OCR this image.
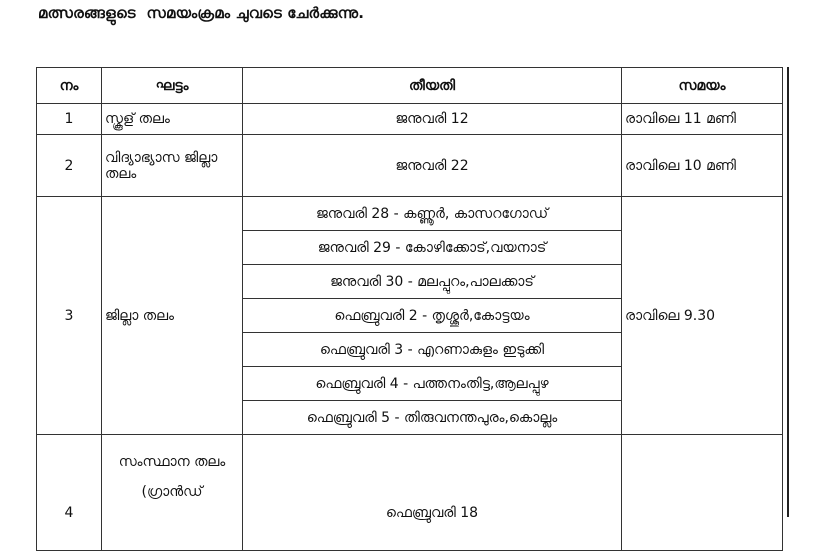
മത്സരങ്ങളുടെ  സമയംക്രമം ചുവടെ ചേർക്കുന്നു.
നം	ഘട്ടം	തീയതി	സമയം
1	സ്കൂള് തലം	ജനുവരി 12	രാവിലെ 11 മണി
2	വിദ്യാഭ്യാസ ജില്ലാ തലം	ജനുവരി 22	രാവിലെ 10 മണി
3	ജില്ലാ തലം	ജനുവരി 28 - കണ്ണൂർ, കാസറഗോഡ്	രാവിലെ 9.30
		ജനുവരി 29 - കോഴിക്കോട്,വയനാട്	
		ജനുവരി 30 - മലപ്പുറം,പാലക്കാട്	
		ഫെബ്രുവരി 2 - തൃശ്ശൂർ,കോട്ടയം	
		ഫെബ്രുവരി 3 - എറണാകുളം ഇടുക്കി	
		ഫെബ്രുവരി 4 - പത്തനംതിട്ട,ആലപ്പുഴ	
		ഫെബ്രുവരി 5 - തിരുവനന്തപുരം,കൊല്ലം	
4	സംസ്ഥാന തലം (ഗ്രാൻഡ്	ഫെബ്രുവരി 18	
